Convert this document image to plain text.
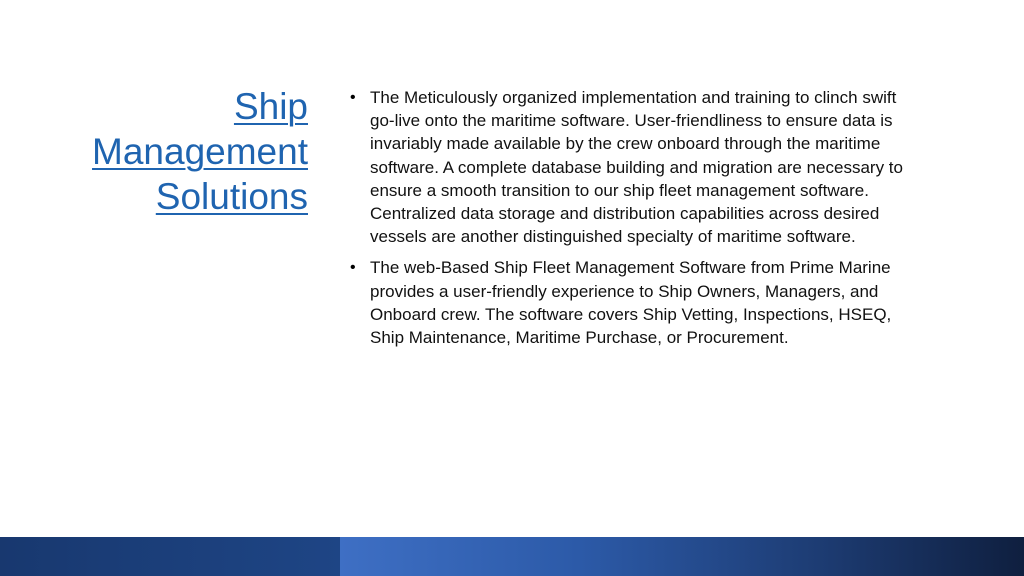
Ship
Management
Solutions
• The Meticulously organized implementation and training to clinch swift go-live onto the maritime software. User-friendliness to ensure data is invariably made available by the crew onboard through the maritime software. A complete database building and migration are necessary to ensure a smooth transition to our ship fleet management software. Centralized data storage and distribution capabilities across desired vessels are another distinguished specialty of maritime software.
• The web-Based Ship Fleet Management Software from Prime Marine provides a user-friendly experience to Ship Owners, Managers, and Onboard crew. The software covers Ship Vetting, Inspections, HSEQ, Ship Maintenance, Maritime Purchase, or Procurement.
